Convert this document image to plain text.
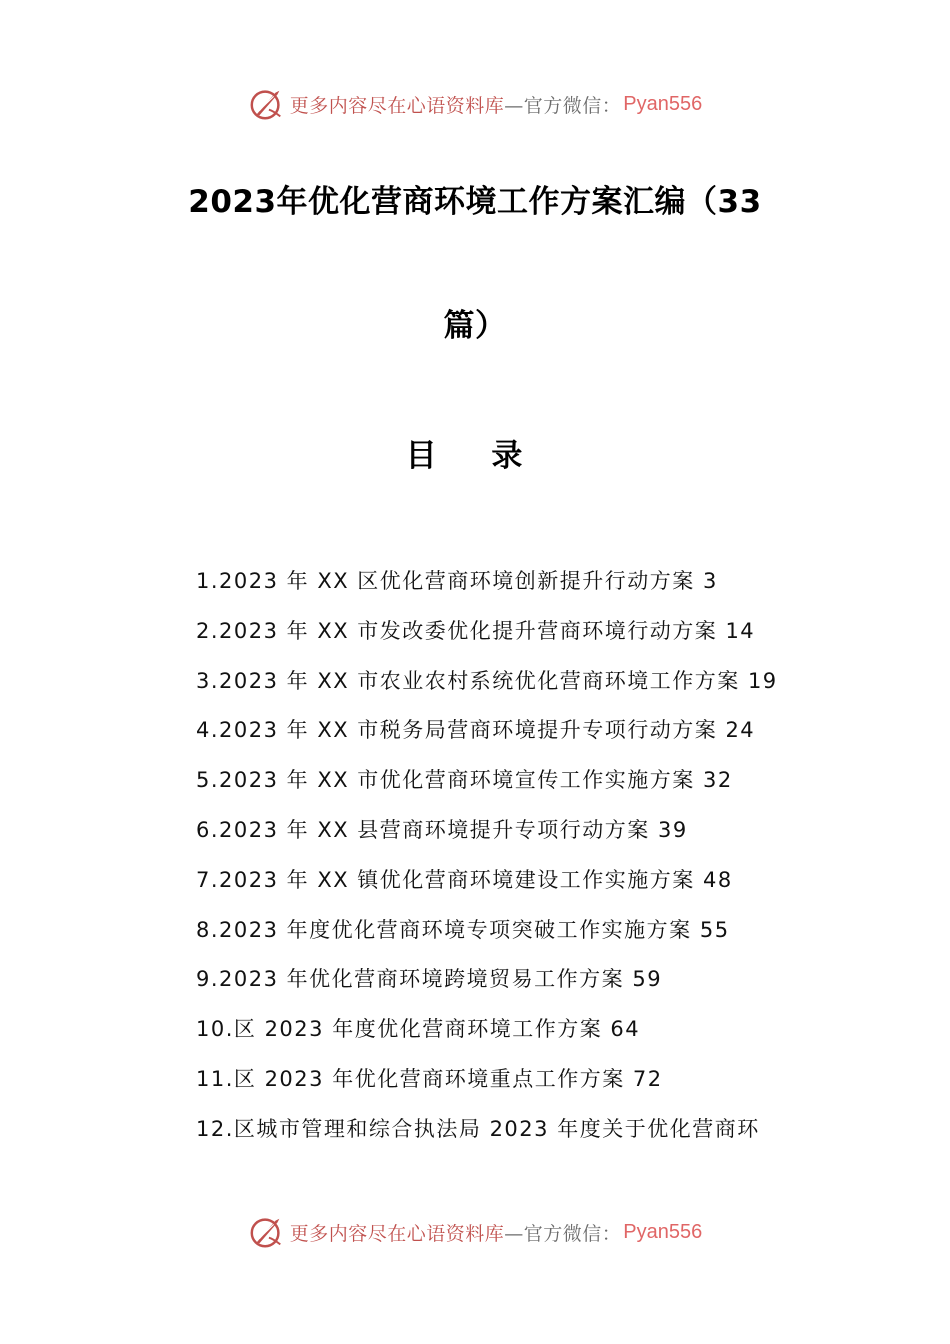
更多内容尽在心语资料库 —官方微信： Pyan556
2023年优化营商环境工作方案汇编（33
篇）
目 录
1.2023 年 XX 区优化营商环境创新提升行动方案 3
2.2023 年 XX 市发改委优化提升营商环境行动方案 14
3.2023 年 XX 市农业农村系统优化营商环境工作方案 19
4.2023 年 XX 市税务局营商环境提升专项行动方案 24
5.2023 年 XX 市优化营商环境宣传工作实施方案 32
6.2023 年 XX 县营商环境提升专项行动方案 39
7.2023 年 XX 镇优化营商环境建设工作实施方案 48
8.2023 年度优化营商环境专项突破工作实施方案 55
9.2023 年优化营商环境跨境贸易工作方案 59
10.区 2023 年度优化营商环境工作方案 64
11.区 2023 年优化营商环境重点工作方案 72
12.区城市管理和综合执法局 2023 年度关于优化营商环
更多内容尽在心语资料库 —官方微信： Pyan556
